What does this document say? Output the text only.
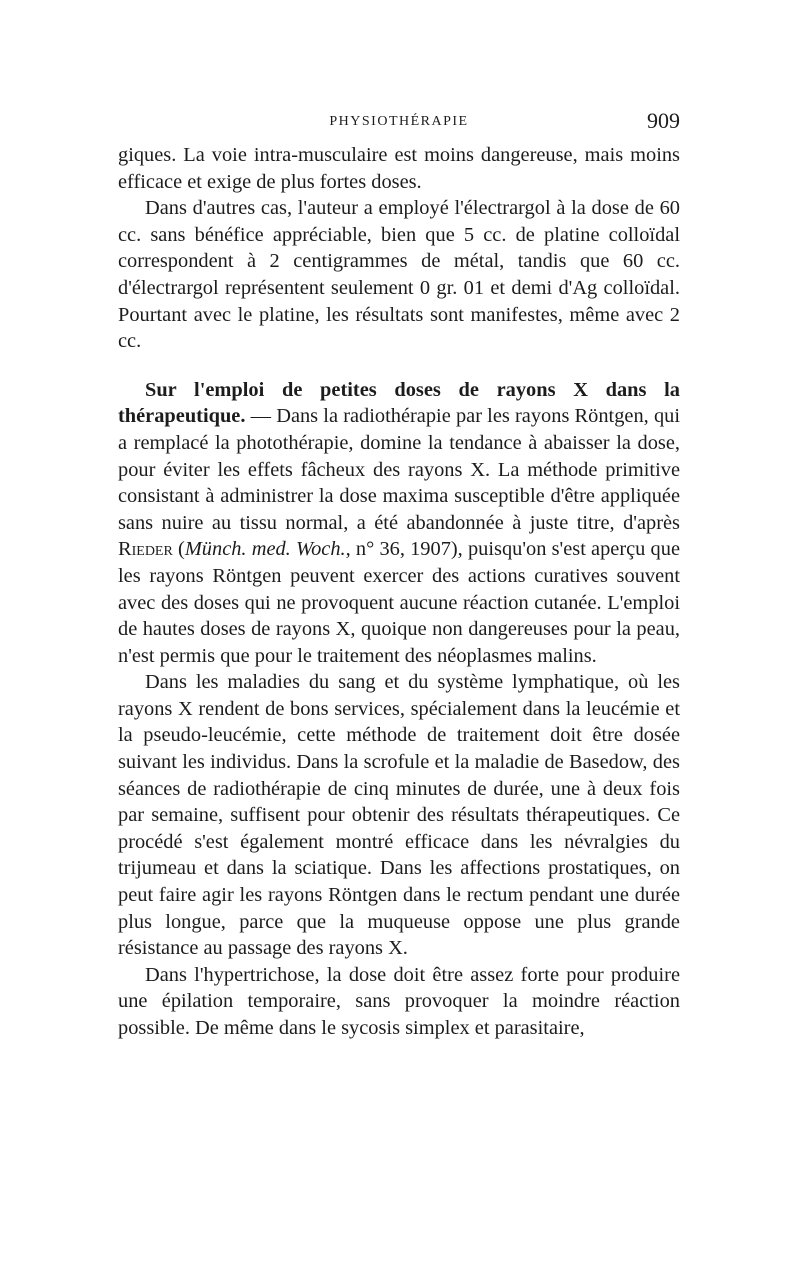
PHYSIOTHÉRAPIE	909

giques. La voie intra-musculaire est moins dangereuse, mais moins efficace et exige de plus fortes doses.

Dans d'autres cas, l'auteur a employé l'électrargol à la dose de 60 cc. sans bénéfice appréciable, bien que 5 cc. de platine colloïdal correspondent à 2 centigrammes de métal, tandis que 60 cc. d'électrargol représentent seulement 0 gr. 01 et demi d'Ag colloïdal. Pourtant avec le platine, les résultats sont manifestes, même avec 2 cc.

Sur l'emploi de petites doses de rayons X dans la thérapeutique. — Dans la radiothérapie par les rayons Röntgen, qui a remplacé la photothérapie, domine la tendance à abaisser la dose, pour éviter les effets fâcheux des rayons X. La méthode primitive consistant à administrer la dose maxima susceptible d'être appliquée sans nuire au tissu normal, a été abandonnée à juste titre, d'après Rieder (Münch. med. Woch., n° 36, 1907), puisqu'on s'est aperçu que les rayons Röntgen peuvent exercer des actions curatives souvent avec des doses qui ne provoquent aucune réaction cutanée. L'emploi de hautes doses de rayons X, quoique non dangereuses pour la peau, n'est permis que pour le traitement des néoplasmes malins.

Dans les maladies du sang et du système lymphatique, où les rayons X rendent de bons services, spécialement dans la leucémie et la pseudo-leucémie, cette méthode de traitement doit être dosée suivant les individus. Dans la scrofule et la maladie de Basedow, des séances de radiothérapie de cinq minutes de durée, une à deux fois par semaine, suffisent pour obtenir des résultats thérapeutiques. Ce procédé s'est également montré efficace dans les névralgies du trijumeau et dans la sciatique. Dans les affections prostatiques, on peut faire agir les rayons Röntgen dans le rectum pendant une durée plus longue, parce que la muqueuse oppose une plus grande résistance au passage des rayons X.

Dans l'hypertrichose, la dose doit être assez forte pour produire une épilation temporaire, sans provoquer la moindre réaction possible. De même dans le sycosis simplex et parasitaire,
